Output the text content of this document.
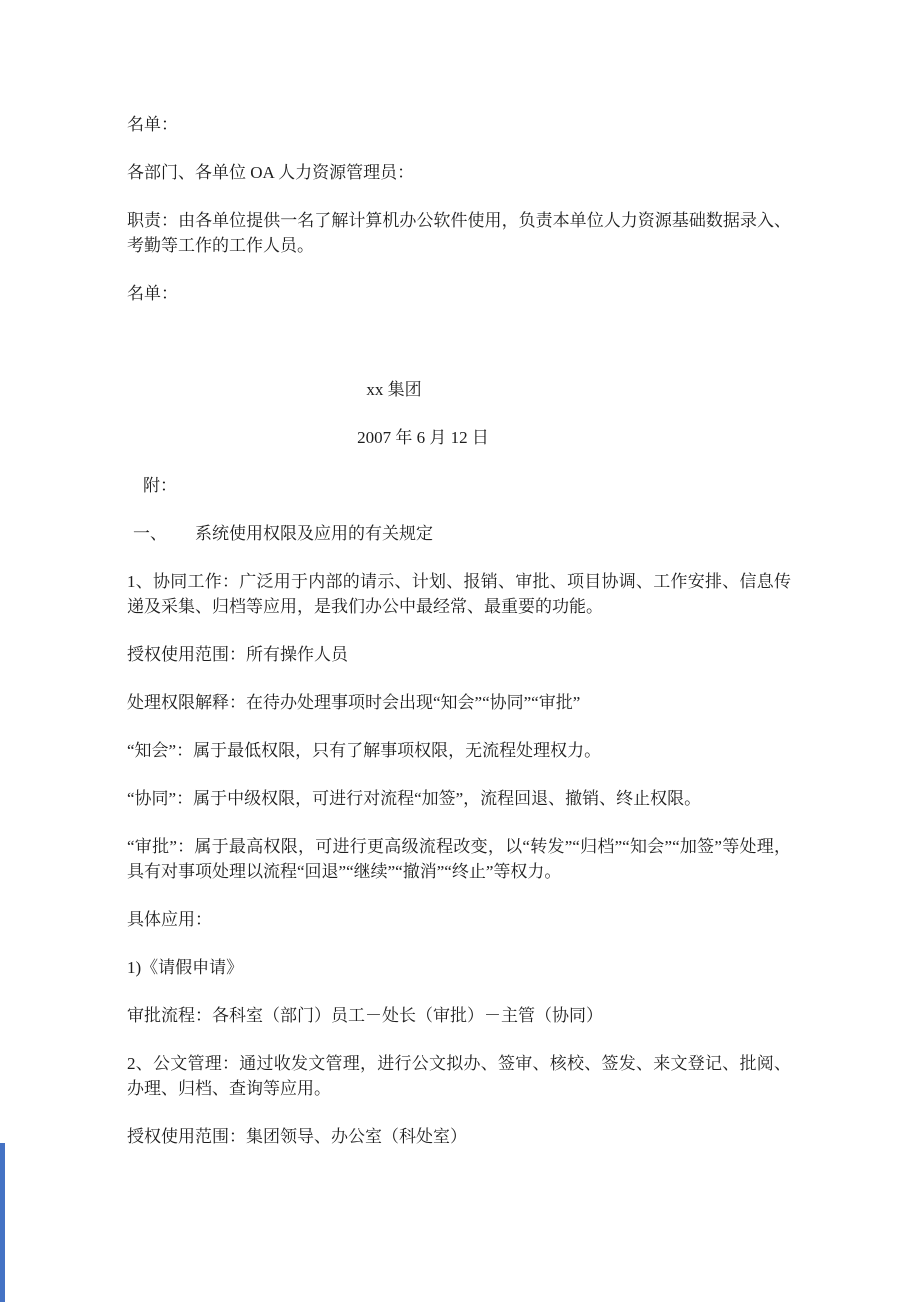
名单：

各部门、各单位 OA 人力资源管理员：

职责：由各单位提供一名了解计算机办公软件使用，负责本单位人力资源基础数据录入、考勤等工作的工作人员。

名单：

xx 集团

2007 年 6 月 12 日

附：

一、 系统使用权限及应用的有关规定

1、协同工作：广泛用于内部的请示、计划、报销、审批、项目协调、工作安排、信息传递及采集、归档等应用，是我们办公中最经常、最重要的功能。

授权使用范围：所有操作人员

处理权限解释：在待办处理事项时会出现“知会”“协同”“审批”

“知会”：属于最低权限，只有了解事项权限，无流程处理权力。

“协同”：属于中级权限，可进行对流程“加签”，流程回退、撤销、终止权限。

“审批”：属于最高权限，可进行更高级流程改变，以“转发”“归档”“知会”“加签”等处理，具有对事项处理以流程“回退”“继续”“撤消”“终止”等权力。

具体应用：

1)《请假申请》

审批流程：各科室（部门）员工－处长（审批）－主管（协同）

2、公文管理：通过收发文管理，进行公文拟办、签审、核校、签发、来文登记、批阅、办理、归档、查询等应用。

授权使用范围：集团领导、办公室（科处室）
